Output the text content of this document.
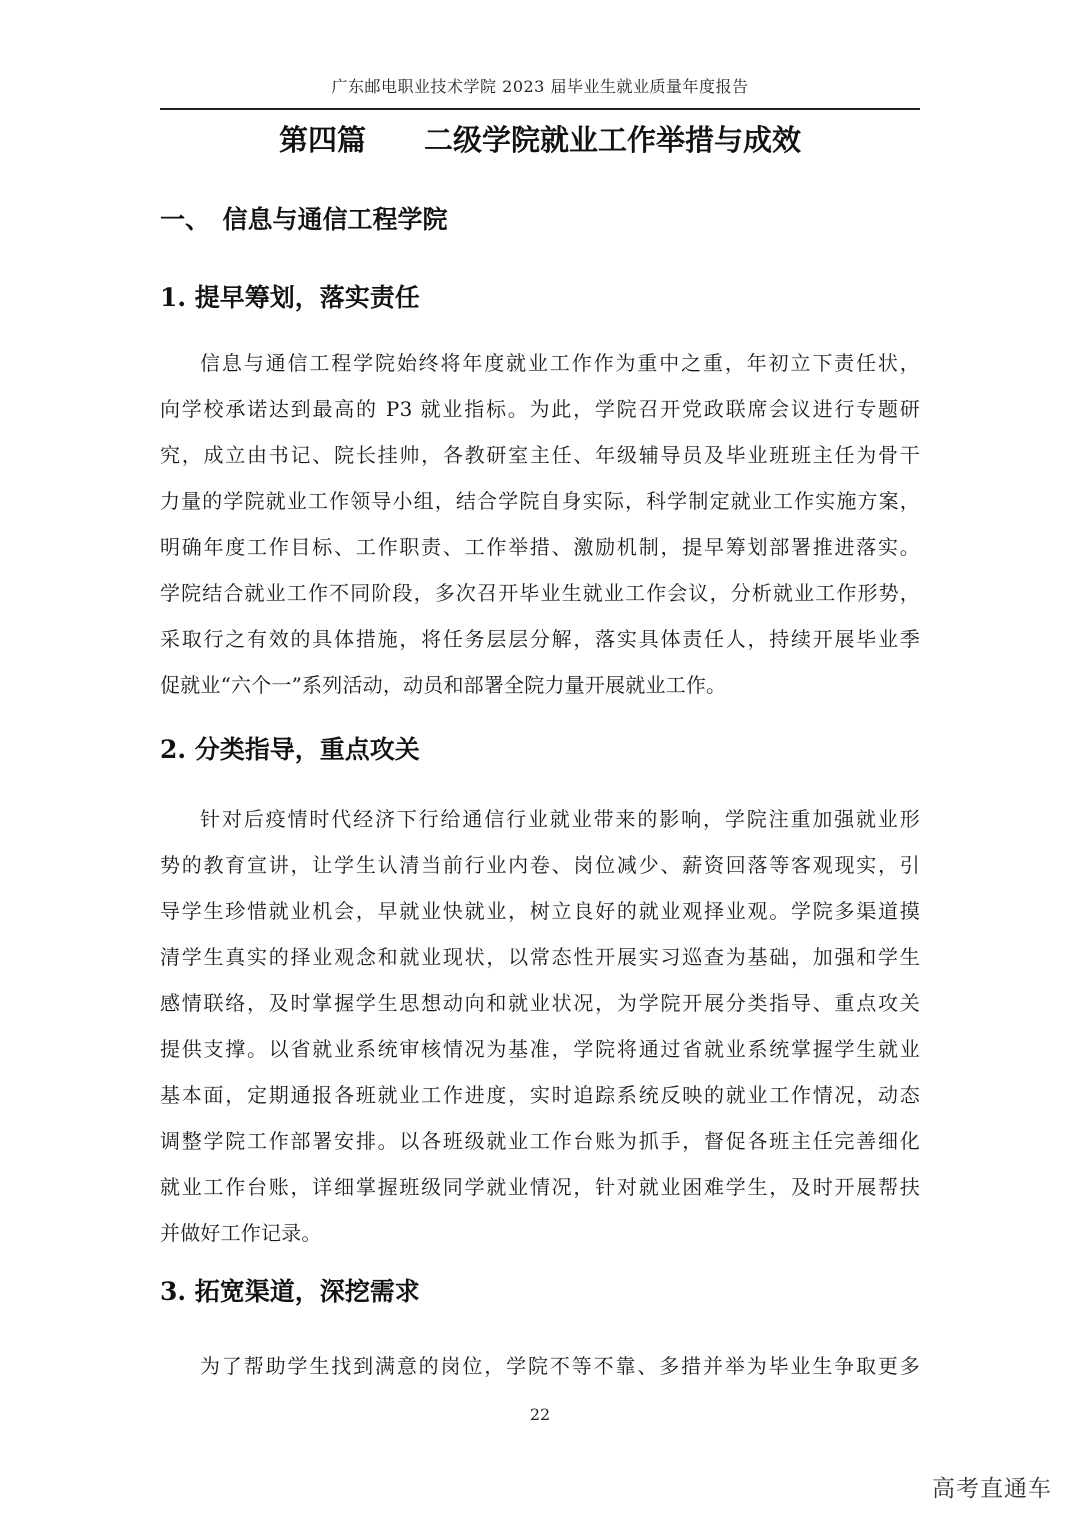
广东邮电职业技术学院 2023 届毕业生就业质量年度报告
第四篇　　二级学院就业工作举措与成效
一、　信息与通信工程学院
1. 提早筹划，落实责任
信息与通信工程学院始终将年度就业工作作为重中之重，年初立下责任状，
向学校承诺达到最高的 P3 就业指标。为此，学院召开党政联席会议进行专题研
究，成立由书记、院长挂帅，各教研室主任、年级辅导员及毕业班班主任为骨干
力量的学院就业工作领导小组，结合学院自身实际，科学制定就业工作实施方案，
明确年度工作目标、工作职责、工作举措、激励机制，提早筹划部署推进落实。
学院结合就业工作不同阶段，多次召开毕业生就业工作会议，分析就业工作形势，
采取行之有效的具体措施，将任务层层分解，落实具体责任人，持续开展毕业季
促就业“六个一”系列活动，动员和部署全院力量开展就业工作。
2. 分类指导，重点攻关
针对后疫情时代经济下行给通信行业就业带来的影响，学院注重加强就业形
势的教育宣讲，让学生认清当前行业内卷、岗位减少、薪资回落等客观现实，引
导学生珍惜就业机会，早就业快就业，树立良好的就业观择业观。学院多渠道摸
清学生真实的择业观念和就业现状，以常态性开展实习巡查为基础，加强和学生
感情联络，及时掌握学生思想动向和就业状况，为学院开展分类指导、重点攻关
提供支撑。以省就业系统审核情况为基准，学院将通过省就业系统掌握学生就业
基本面，定期通报各班就业工作进度，实时追踪系统反映的就业工作情况，动态
调整学院工作部署安排。以各班级就业工作台账为抓手，督促各班主任完善细化
就业工作台账，详细掌握班级同学就业情况，针对就业困难学生，及时开展帮扶
并做好工作记录。
3. 拓宽渠道，深挖需求
为了帮助学生找到满意的岗位，学院不等不靠、多措并举为毕业生争取更多
22
高考直通车
